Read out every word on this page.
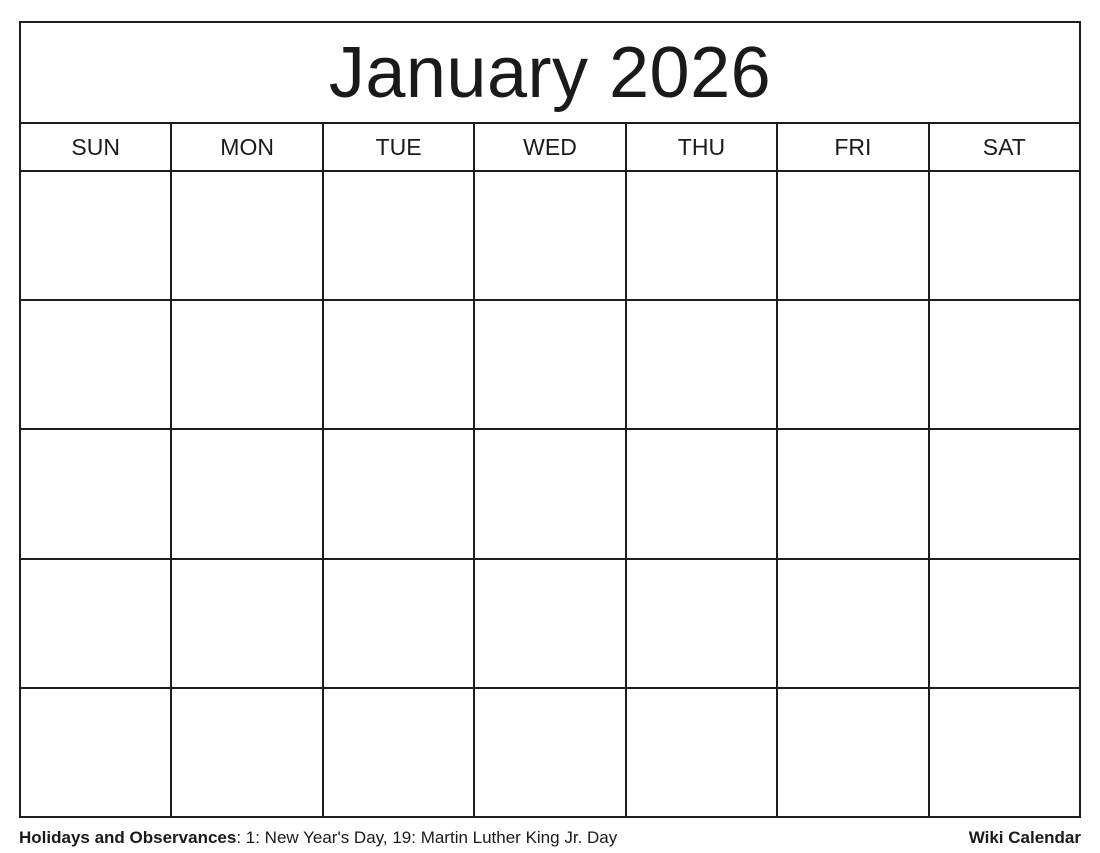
January 2026
SUN	MON	TUE	WED	THU	FRI	SAT
Holidays and Observances: 1: New Year's Day, 19: Martin Luther King Jr. Day	Wiki Calendar
